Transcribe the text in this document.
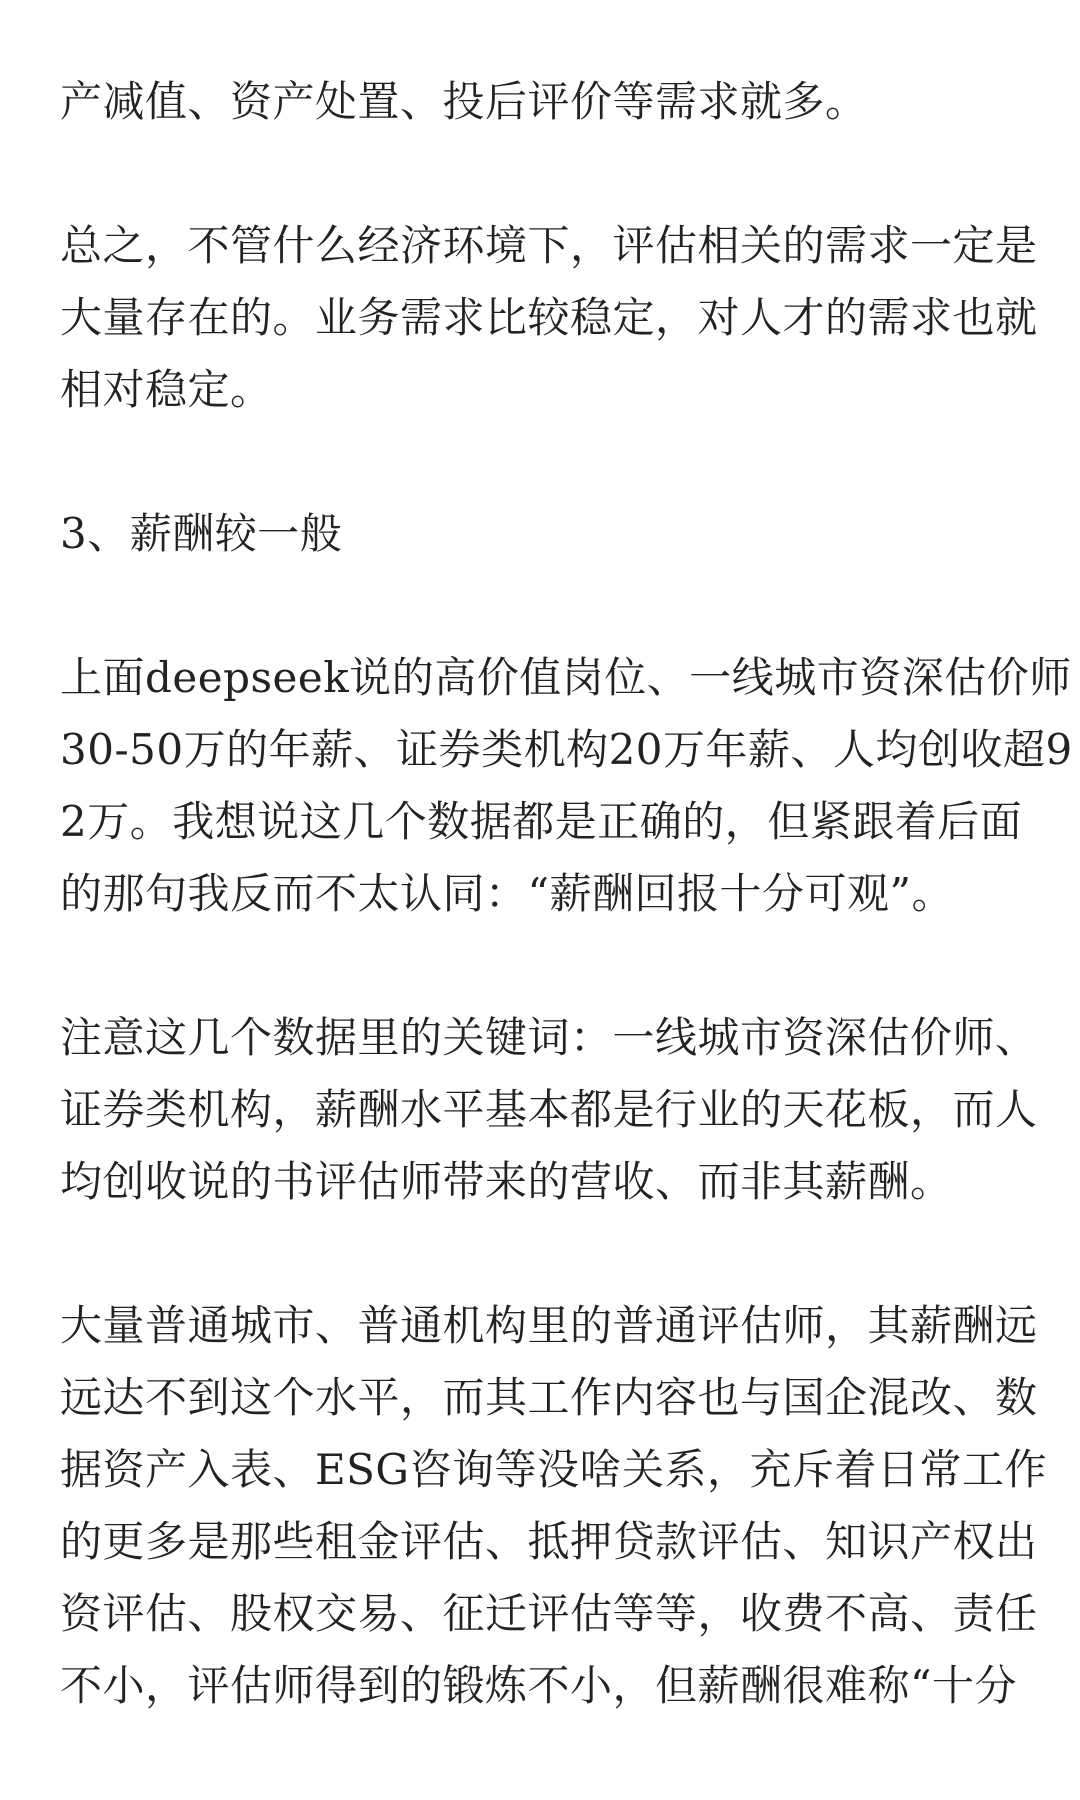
产减值、资产处置、投后评价等需求就多。

总之，不管什么经济环境下，评估相关的需求一定是
大量存在的。业务需求比较稳定，对人才的需求也就
相对稳定。

3、薪酬较一般

上面deepseek说的高价值岗位、一线城市资深估价师
30-50万的年薪、证券类机构20万年薪、人均创收超9
2万。我想说这几个数据都是正确的，但紧跟着后面
的那句我反而不太认同：“薪酬回报十分可观”。

注意这几个数据里的关键词：一线城市资深估价师、
证券类机构，薪酬水平基本都是行业的天花板，而人
均创收说的书评估师带来的营收、而非其薪酬。

大量普通城市、普通机构里的普通评估师，其薪酬远
远达不到这个水平，而其工作内容也与国企混改、数
据资产入表、ESG咨询等没啥关系，充斥着日常工作
的更多是那些租金评估、抵押贷款评估、知识产权出
资评估、股权交易、征迁评估等等，收费不高、责任
不小，评估师得到的锻炼不小，但薪酬很难称“十分
